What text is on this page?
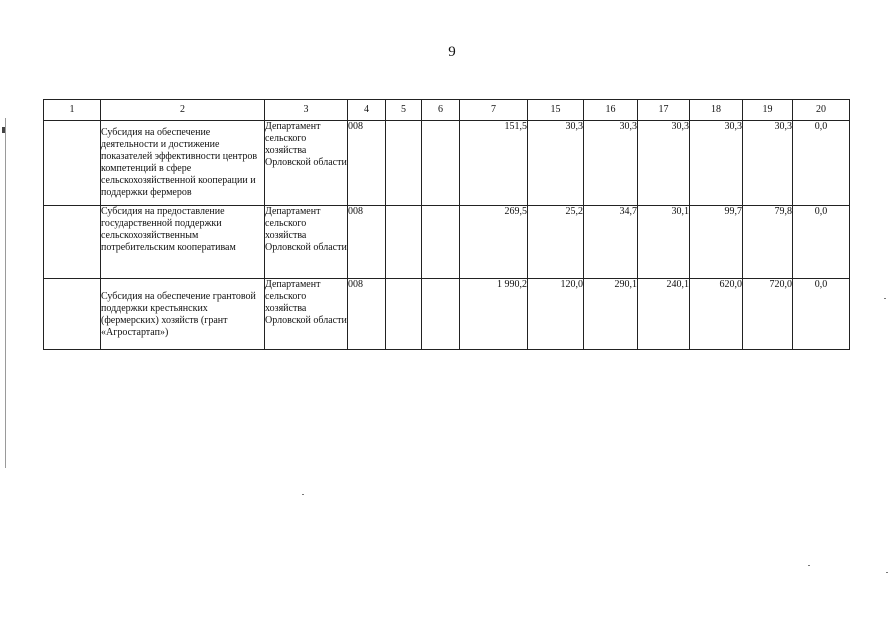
9
1	2	3	4	5	6	7	15	16	17	18	19	20
	Субсидия на обеспечение деятельности и достижение показателей эффективности центров компетенций в сфере сельскохозяйственной кооперации и поддержки фермеров	Департамент сельского хозяйства Орловской области	008			151,5	30,3	30,3	30,3	30,3	30,3	0,0
	Субсидия на предоставление государственной поддержки сельскохозяйственным потребительским кооперативам	Департамент сельского хозяйства Орловской области	008			269,5	25,2	34,7	30,1	99,7	79,8	0,0
	Субсидия на обеспечение грантовой поддержки крестьянских (фермерских) хозяйств (грант «Агростартап»)	Департамент сельского хозяйства Орловской области	008			1 990,2	120,0	290,1	240,1	620,0	720,0	0,0
